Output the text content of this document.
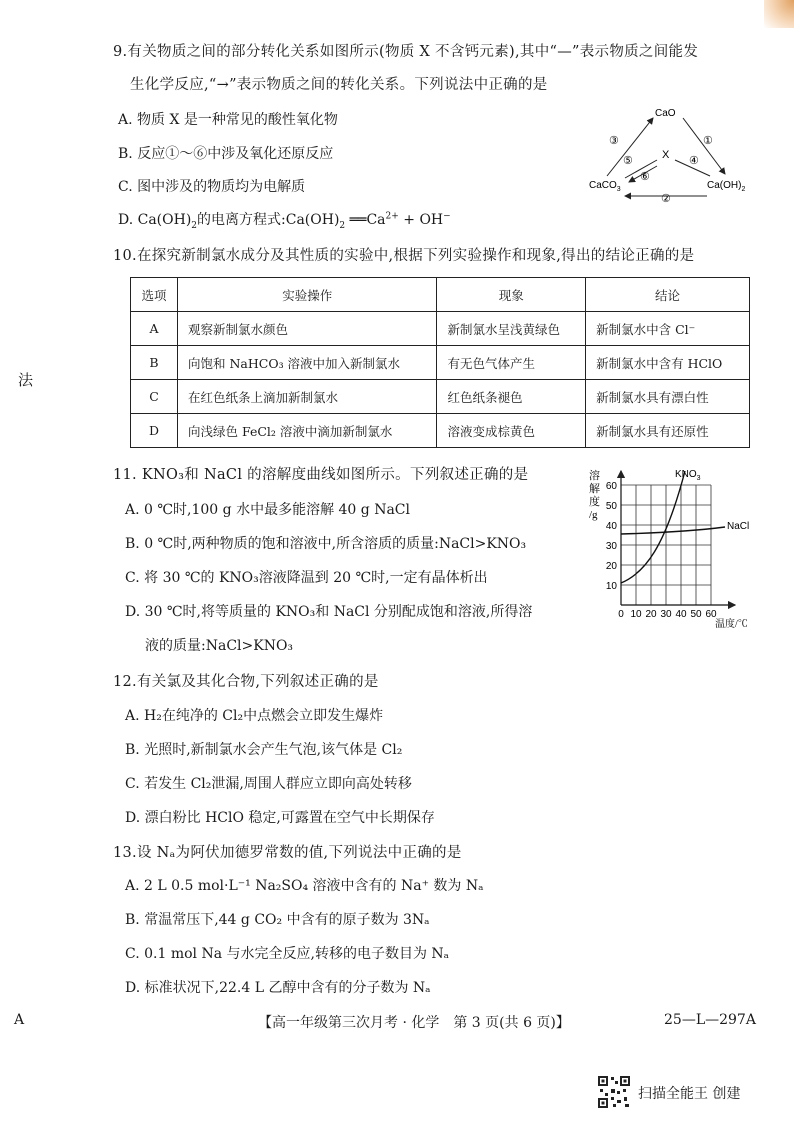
9.有关物质之间的部分转化关系如图所示(物质 X 不含钙元素),其中“—”表示物质之间能发
生化学反应,“→”表示物质之间的转化关系。下列说法中正确的是
A. 物质 X 是一种常见的酸性氧化物
B. 反应①～⑥中涉及氧化还原反应
C. 图中涉及的物质均为电解质
D. $Ca(OH)_2$的电离方程式$:Ca(OH)_2$ $══Ca^{2+} + OH^-$
CaO
CaCO$_3$	$Ca(OH)_2$
X
③	①
⑤	④
⑥
②
10.在探究新制氯水成分及其性质的实验中,根据下列实验操作和现象,得出的结论正确的是
选项	实验操作	现象	结论
A	观察新制氯水颜色	新制氯水呈浅黄绿色	新制氯水中含 Cl⁻
B	向饱和 NaHCO₃ 溶液中加入新制氯水	有无色气体产生	新制氯水中含有 HClO
C	在红色纸条上滴加新制氯水	红色纸条褪色	新制氯水具有漂白性
D	向浅绿色 FeCl₂ 溶液中滴加新制氯水	溶液变成棕黄色	新制氯水具有还原性
法
11. KNO₃和 NaCl 的溶解度曲线如图所示。下列叙述正确的是
A. 0 ℃时,100 g 水中最多能溶解 40 g NaCl
B. 0 ℃时,两种物质的饱和溶液中,所含溶质的质量:NaCl>KNO₃
C. 将 30 ℃的 KNO₃溶液降温到 20 ℃时,一定有晶体析出
D. 30 ℃时,将等质量的 KNO₃和 NaCl 分别配成饱和溶液,所得溶
液的质量:NaCl>KNO₃
溶
解
度
/g
60
50
40
30
20
10
$KNO_3$
NaCl
0 10 20 30 40 50 60
温度/℃
12.有关氯及其化合物,下列叙述正确的是
A. H₂在纯净的 Cl₂中点燃会立即发生爆炸
B. 光照时,新制氯水会产生气泡,该气体是 Cl₂
C. 若发生 Cl₂泄漏,周围人群应立即向高处转移
D. 漂白粉比 HClO 稳定,可露置在空气中长期保存
13.设 Nₐ为阿伏加德罗常数的值,下列说法中正确的是
A. 2 L 0.5 mol·L⁻¹ Na₂SO₄ 溶液中含有的 Na⁺ 数为 Nₐ
B. 常温常压下,44 g CO₂ 中含有的原子数为 3Nₐ
C. 0.1 mol Na 与水完全反应,转移的电子数目为 Nₐ
D. 标准状况下,22.4 L 乙醇中含有的分子数为 Nₐ
A	【高一年级第三次月考 · 化学　第 3 页(共 6 页)】	25—L—297A
扫描全能王 创建
